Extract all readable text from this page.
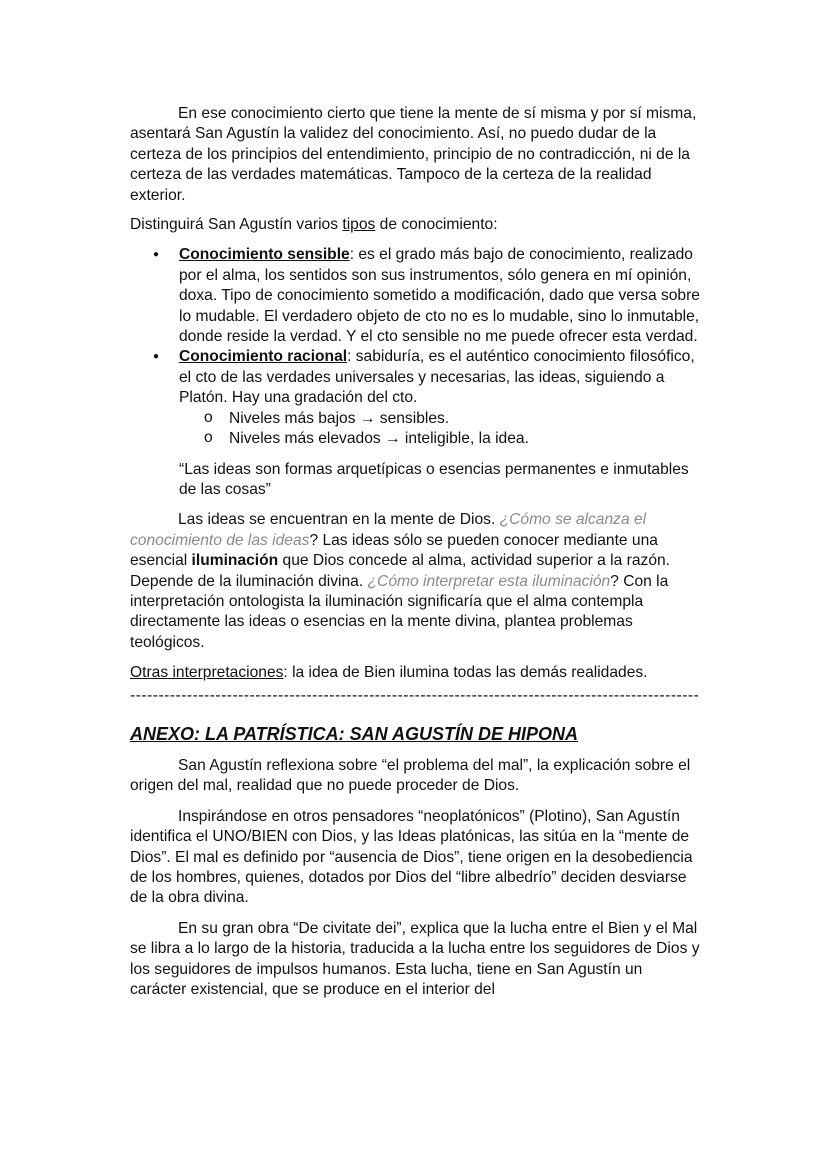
En ese conocimiento cierto que tiene la mente de sí misma y por sí misma, asentará San Agustín la validez del conocimiento. Así, no puedo dudar de la certeza de los principios del entendimiento, principio de no contradicción, ni de la certeza de las verdades matemáticas. Tampoco de la certeza de la realidad exterior.

Distinguirá San Agustín varios tipos de conocimiento:

● Conocimiento sensible: es el grado más bajo de conocimiento, realizado por el alma, los sentidos son sus instrumentos, sólo genera en mí opinión, doxa. Tipo de conocimiento sometido a modificación, dado que versa sobre lo mudable. El verdadero objeto de cto no es lo mudable, sino lo inmutable, donde reside la verdad. Y el cto sensible no me puede ofrecer esta verdad.
● Conocimiento racional: sabiduría, es el auténtico conocimiento filosófico, el cto de las verdades universales y necesarias, las ideas, siguiendo a Platón. Hay una gradación del cto.
o Niveles más bajos → sensibles.
o Niveles más elevados → inteligible, la idea.

“Las ideas son formas arquetípicas o esencias permanentes e inmutables de las cosas”

Las ideas se encuentran en la mente de Dios. ¿Cómo se alcanza el conocimiento de las ideas? Las ideas sólo se pueden conocer mediante una esencial iluminación que Dios concede al alma, actividad superior a la razón. Depende de la iluminación divina. ¿Cómo interpretar esta iluminación? Con la interpretación ontologista la iluminación significaría que el alma contempla directamente las ideas o esencias en la mente divina, plantea problemas teológicos.

Otras interpretaciones: la idea de Bien ilumina todas las demás realidades.

----------------------------------------------------------------------------------------------------

ANEXO: LA PATRÍSTICA: SAN AGUSTÍN DE HIPONA

San Agustín reflexiona sobre “el problema del mal”, la explicación sobre el origen del mal, realidad que no puede proceder de Dios.

Inspirándose en otros pensadores “neoplatónicos” (Plotino), San Agustín identifica el UNO/BIEN con Dios, y las Ideas platónicas, las sitúa en la “mente de Dios”. El mal es definido por “ausencia de Dios”, tiene origen en la desobediencia de los hombres, quienes, dotados por Dios del “libre albedrío” deciden desviarse de la obra divina.

En su gran obra “De civitate dei”, explica que la lucha entre el Bien y el Mal se libra a lo largo de la historia, traducida a la lucha entre los seguidores de Dios y los seguidores de impulsos humanos. Esta lucha, tiene en San Agustín un carácter existencial, que se produce en el interior del
